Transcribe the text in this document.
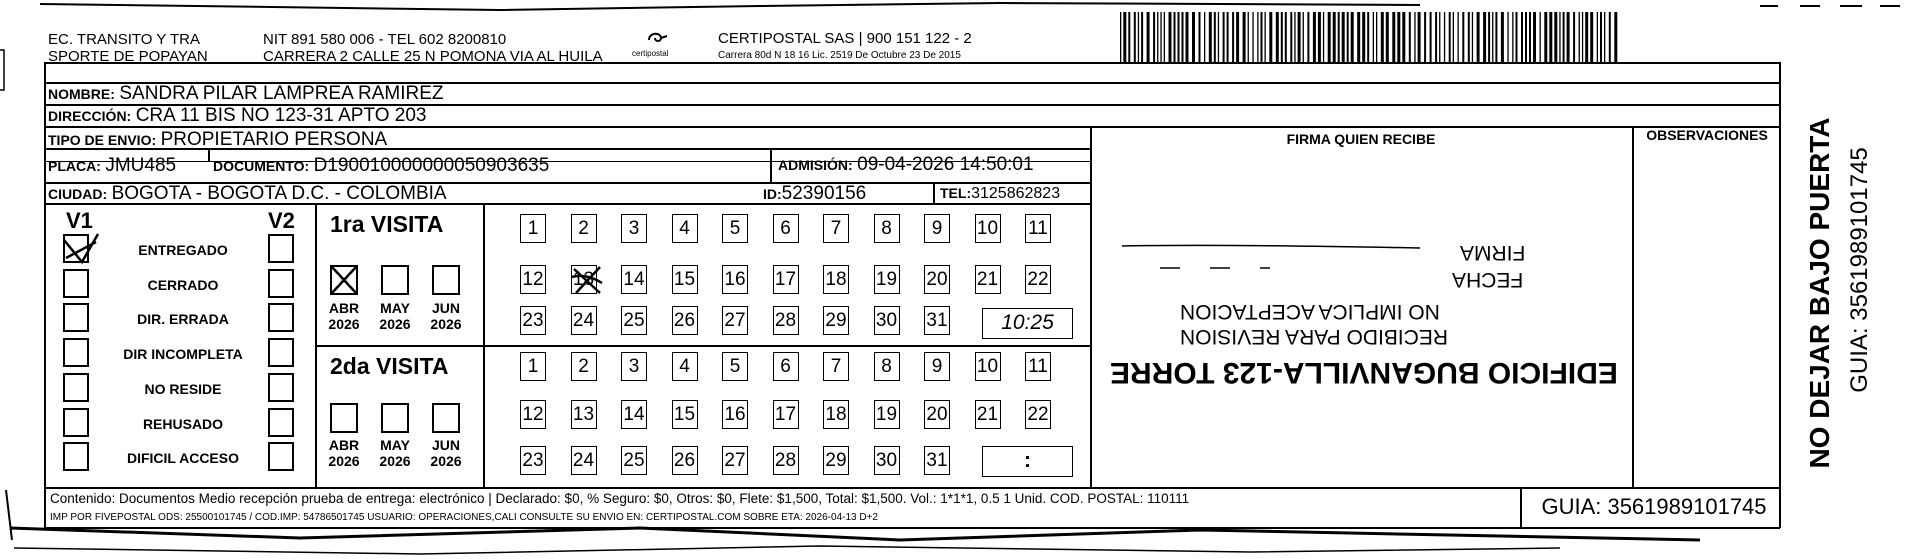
EC. TRANSITO Y TRA
SPORTE DE POPAYAN
NIT 891 580 006 - TEL 602 8200810
CARRERA 2 CALLE 25 N POMONA VIA AL HUILA	certipostal
CERTIPOSTAL SAS | 900 151 122 - 2
Carrera 80d N 18 16 Lic. 2519 De Octubre 23 De 2015
NOMBRE: SANDRA PILAR LAMPREA RAMIREZ
DIRECCIÓN: CRA 11 BIS NO 123-31 APTO 203
TIPO DE ENVIO: PROPIETARIO PERSONA
PLACA: JMU485	DOCUMENTO: D190010000000050903635	ADMISIÓN: 09-04-2026 14:50:01
CIUDAD: BOGOTA - BOGOTA D.C. - COLOMBIA	ID:52390156	TEL:3125862823
FIRMA QUIEN RECIBE	OBSERVACIONES
V1	V2
ENTREGADO
CERRADO
DIR. ERRADA
DIR INCOMPLETA
NO RESIDE
REHUSADO
DIFICIL ACCESO
1ra VISITA
2da VISITA
ABR
2026
MAY
2026
JUN
2026
ABR
2026
MAY
2026
JUN
2026
1	2	3	4	5	6	7	8	9	10 11
12 13 14 15 16 17 18 19 20 21 22
23 24 25 26 27 28 29 30 31
1	2	3	4	5	6	7	8	9	10 11
12 13 14 15 16 17 18 19 20 21 22
23 24 25 26 27 28 29 30 31
10:25
:
FIRMA
FECHA
NO IMPLICA ACEPTACION
RECIBIDO PARA REVISION
EDIFICIO BUGANVILLA-123 TORRE
Contenido: Documentos Medio recepción prueba de entrega: electrónico | Declarado: $0, % Seguro: $0, Otros: $0, Flete: $1,500, Total: $1,500. Vol.: 1*1*1, 0.5 1 Unid. COD. POSTAL: 110111
IMP POR FIVEPOSTAL ODS: 25500101745 / COD.IMP: 54786501745 USUARIO: OPERACIONES,CALI CONSULTE SU ENVIO EN: CERTIPOSTAL.COM SOBRE ETA: 2026-04-13 D+2	GUIA: 3561989101745
NO DEJAR BAJO PUERTA GUIA: 3561989101745
